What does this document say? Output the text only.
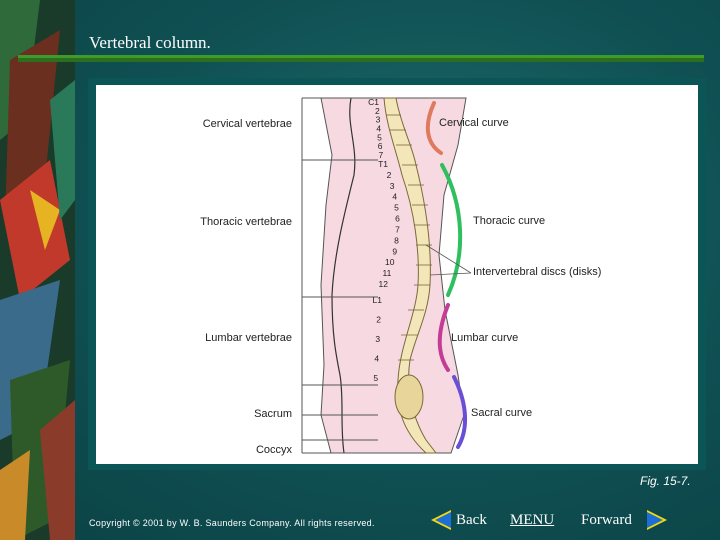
Vertebral column.
Cervical vertebrae
Thoracic vertebrae
Lumbar vertebrae
Sacrum
Coccyx
Cervical curve
Thoracic curve
Intervertebral discs (disks)
Lumbar curve
Sacral curve
C1
2
3
4
5
6
7
T1
2
3
4
5
6
7
8
9
10
11
12
L1
2
3
4
5
Fig. 15-7.
Copyright © 2001 by W. B. Saunders Company. All rights reserved.	Back MENU Forward
